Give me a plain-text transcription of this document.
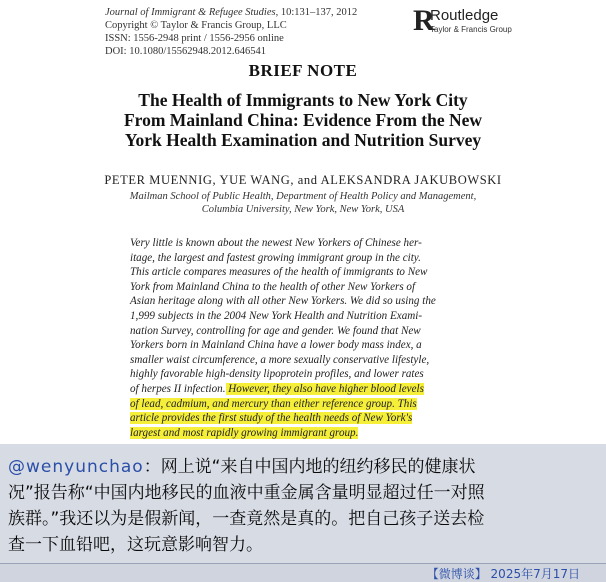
Journal of Immigrant & Refugee Studies, 10:131–137, 2012
Copyright © Taylor & Francis Group, LLC
ISSN: 1556-2948 print / 1556-2956 online
DOI: 10.1080/15562948.2012.646541
R
Routledge
Taylor & Francis Group
BRIEF NOTE
The Health of Immigrants to New York City
From Mainland China: Evidence From the New
York Health Examination and Nutrition Survey
PETER MUENNIG, YUE WANG, and ALEKSANDRA JAKUBOWSKI
Mailman School of Public Health, Department of Health Policy and Management,
Columbia University, New York, New York, USA
Very little is known about the newest New Yorkers of Chinese her-
itage, the largest and fastest growing immigrant group in the city.
This article compares measures of the health of immigrants to New
York from Mainland China to the health of other New Yorkers of
Asian heritage along with all other New Yorkers. We did so using the
1,999 subjects in the 2004 New York Health and Nutrition Exami-
nation Survey, controlling for age and gender. We found that New
Yorkers born in Mainland China have a lower body mass index, a
smaller waist circumference, a more sexually conservative lifestyle,
highly favorable high-density lipoprotein profiles, and lower rates
of herpes II infection. However, they also have higher blood levels
of lead, cadmium, and mercury than either reference group. This
article provides the first study of the health needs of New York's
largest and most rapidly growing immigrant group.
@wenyunchao：网上说“来自中国内地的纽约移民的健康状
况”报告称“中国内地移民的血液中重金属含量明显超过任一对照
族群。”我还以为是假新闻，一查竟然是真的。把自己孩子送去检
查一下血铅吧，这玩意影响智力。
【微博谈】 2025年7月17日
